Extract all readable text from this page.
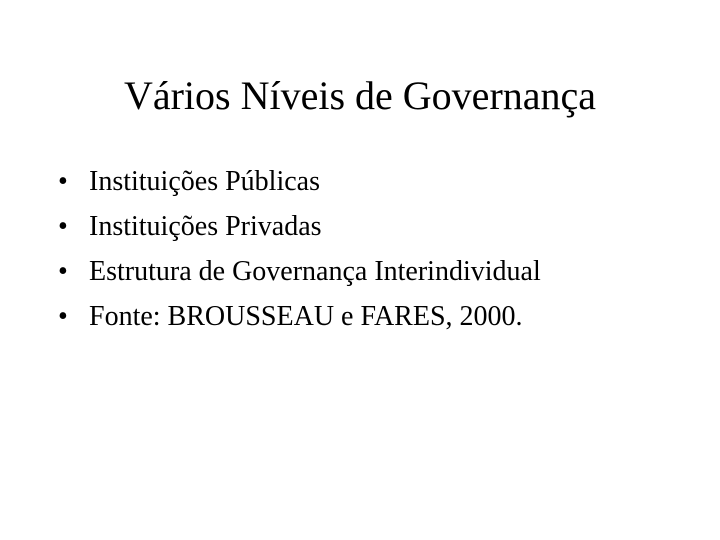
Vários Níveis de Governança
• Instituições Públicas
• Instituições Privadas
• Estrutura de Governança Interindividual
• Fonte: BROUSSEAU e FARES, 2000.
